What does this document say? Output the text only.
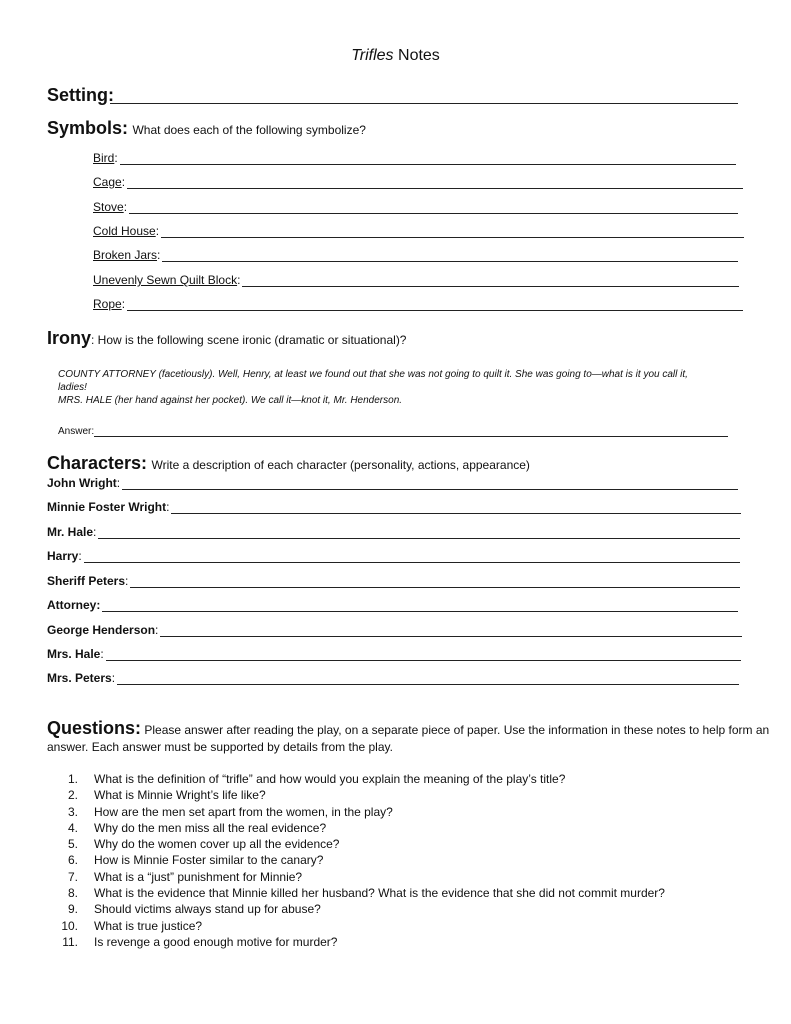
Trifles Notes
Setting:
Symbols: What does each of the following symbolize?
Bird :
Cage :
Stove :
Cold House :
Broken Jars :
Unevenly Sewn Quilt Block :
Rope :
Irony: How is the following scene ironic (dramatic or situational)?
COUNTY ATTORNEY (facetiously). Well, Henry, at least we found out that she was not going to quilt it. She was going to—what is it you call it,
ladies!
MRS. HALE (her hand against her pocket). We call it—knot it, Mr. Henderson.
Answer:
Characters: Write a description of each character (personality, actions, appearance)
John Wright :
Minnie Foster Wright :
Mr. Hale :
Harry :
Sheriff Peters :
Attorney :
George Henderson :
Mrs. Hale :
Mrs. Peters :
Questions: Please answer after reading the play, on a separate piece of paper. Use the information in these notes to help form an
answer. Each answer must be supported by details from the play.
1. What is the definition of “trifle” and how would you explain the meaning of the play’s title?
2. What is Minnie Wright’s life like?
3. How are the men set apart from the women, in the play?
4. Why do the men miss all the real evidence?
5. Why do the women cover up all the evidence?
6. How is Minnie Foster similar to the canary?
7. What is a “just” punishment for Minnie?
8. What is the evidence that Minnie killed her husband? What is the evidence that she did not commit murder?
9. Should victims always stand up for abuse?
10. What is true justice?
11. Is revenge a good enough motive for murder?
